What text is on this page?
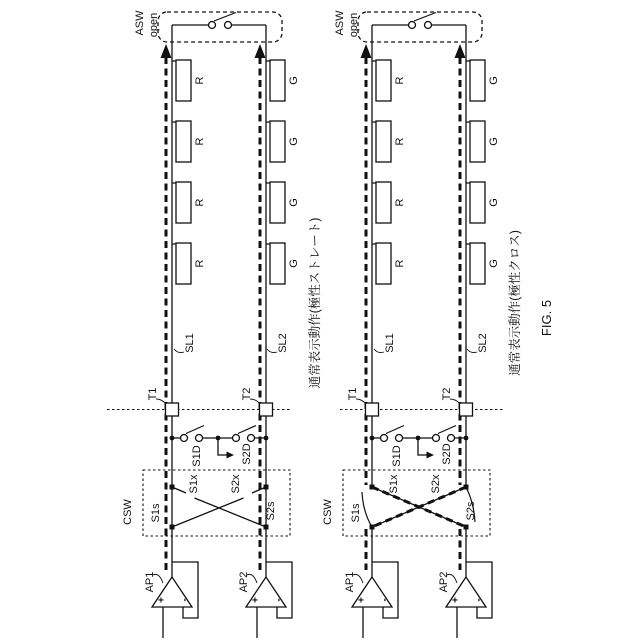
ASW open
SL1	SL2
R
R
R
R
G
G
G
G
T1	T2
S1D	S2D
CSW S1s
S1x	S2x
S2s
+ -
AP1
+ -
AP2
通常表示動作(極性ストレート)
ASW open
SL1	SL2
R
R
R
R
G
G
G
G
T1	T2
S1D	S2D
CSW S1s
S1x	S2x
S2s
+ -
AP1
+ -
AP2
通常表示動作(極性クロス) FIG. 5
